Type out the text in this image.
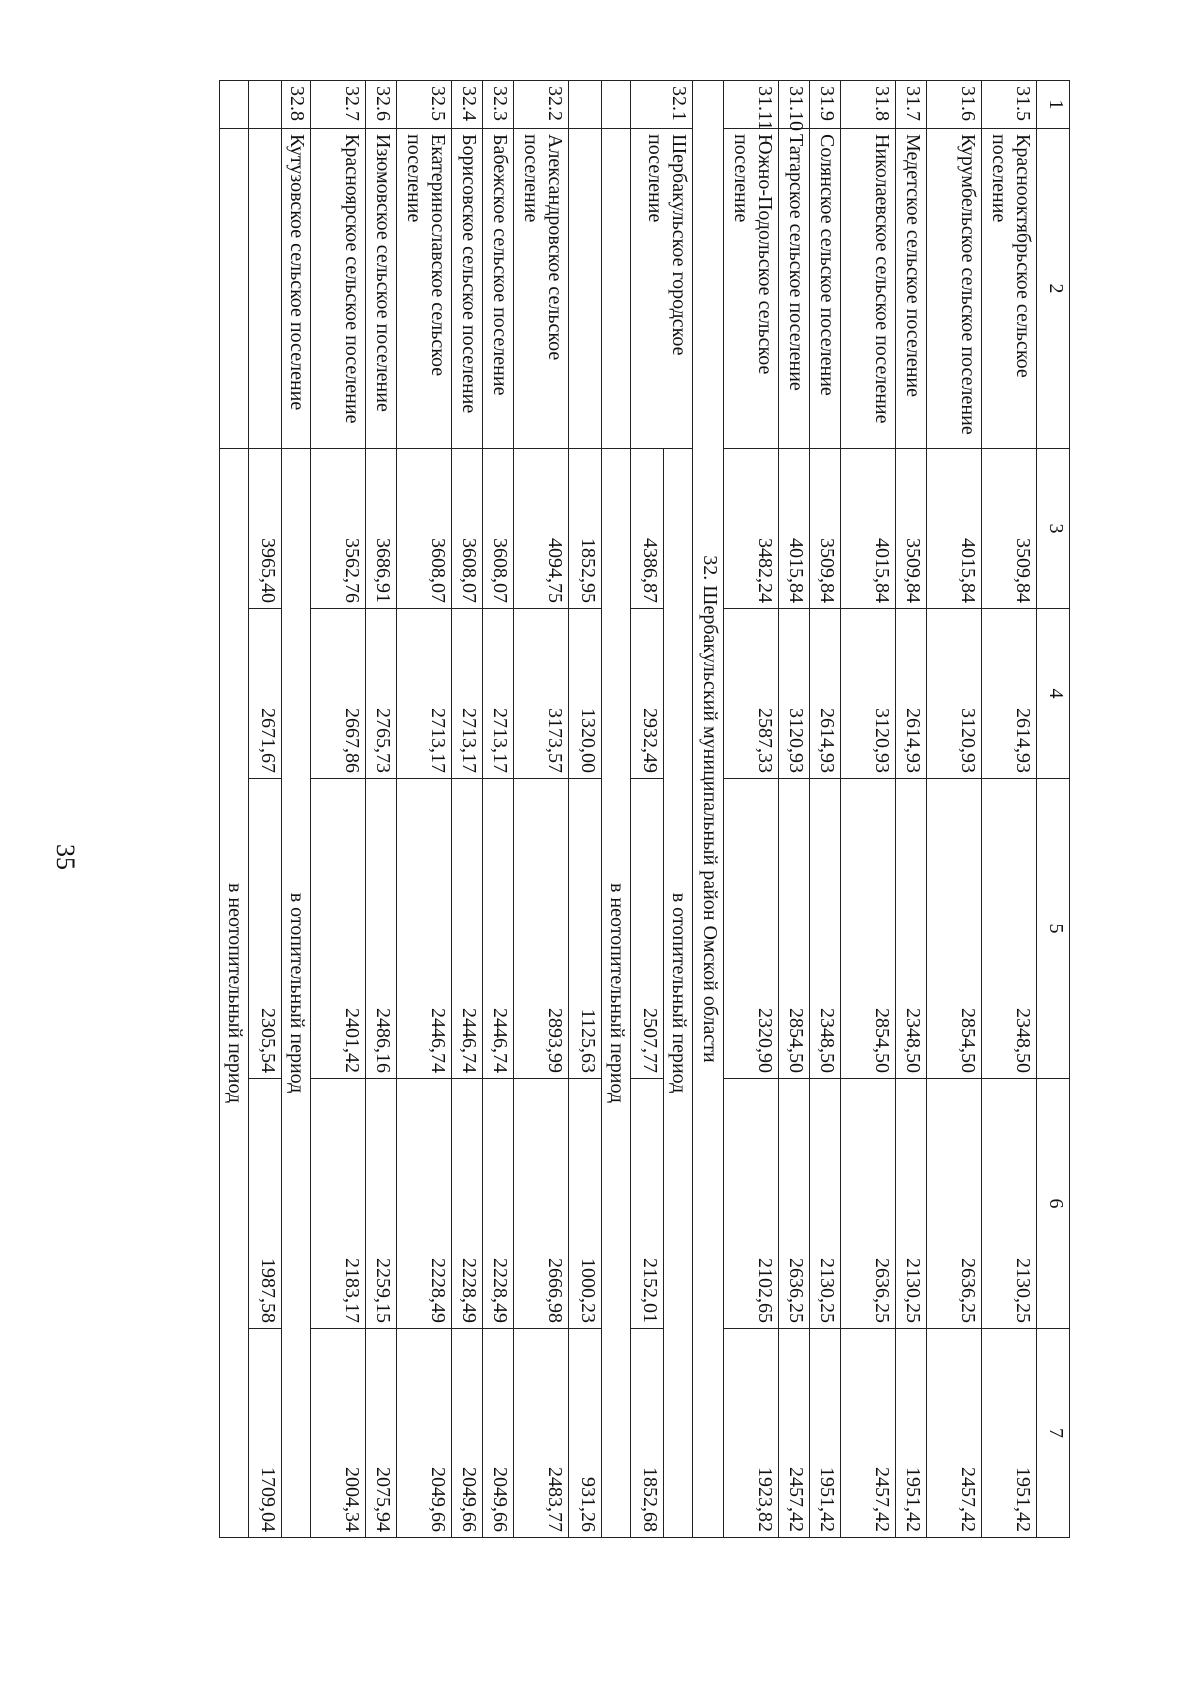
35
1	2	3	4	5	6	7
31.5	Краснооктябрьское сельское поселение	3509,84	2614,93	2348,50	2130,25	1951,42
31.6	Курумбельское сельское поселение	4015,84	3120,93	2854,50	2636,25	2457,42
31.7	Медетское сельское поселение	3509,84	2614,93	2348,50	2130,25	1951,42
31.8	Николаевское сельское поселение	4015,84	3120,93	2854,50	2636,25	2457,42
31.9	Солянское сельское поселение	3509,84	2614,93	2348,50	2130,25	1951,42
31.10	Татарское сельское поселение	4015,84	3120,93	2854,50	2636,25	2457,42
31.11	Южно-Подольское сельское поселение	3482,24	2587,33	2320,90	2102,65	1923,82
32. Шербакульский муниципальный район Омской области						
32.1	Шербакульское городское поселение	в отопительный период				
		4386,87	2932,49	2507,77	2152,01	1852,68
		в неотопительный период				
		1852,95	1320,00	1125,63	1000,23	931,26
32.2	Александровское сельское поселение	4094,75	3173,57	2893,99	2666,98	2483,77
32.3	Бабежское сельское поселение	3608,07	2713,17	2446,74	2228,49	2049,66
32.4	Борисовское сельское поселение	3608,07	2713,17	2446,74	2228,49	2049,66
32.5	Екатеринославское сельское поселение	3608,07	2713,17	2446,74	2228,49	2049,66
32.6	Изюмовское сельское поселение	3686,91	2765,73	2486,16	2259,15	2075,94
32.7	Красноярское сельское поселение	3562,76	2667,86	2401,42	2183,17	2004,34
32.8	Кутузовское сельское поселение	в отопительный период				
		3965,40	2671,67	2305,54	1987,58	1709,04
		в неотопительный период				
